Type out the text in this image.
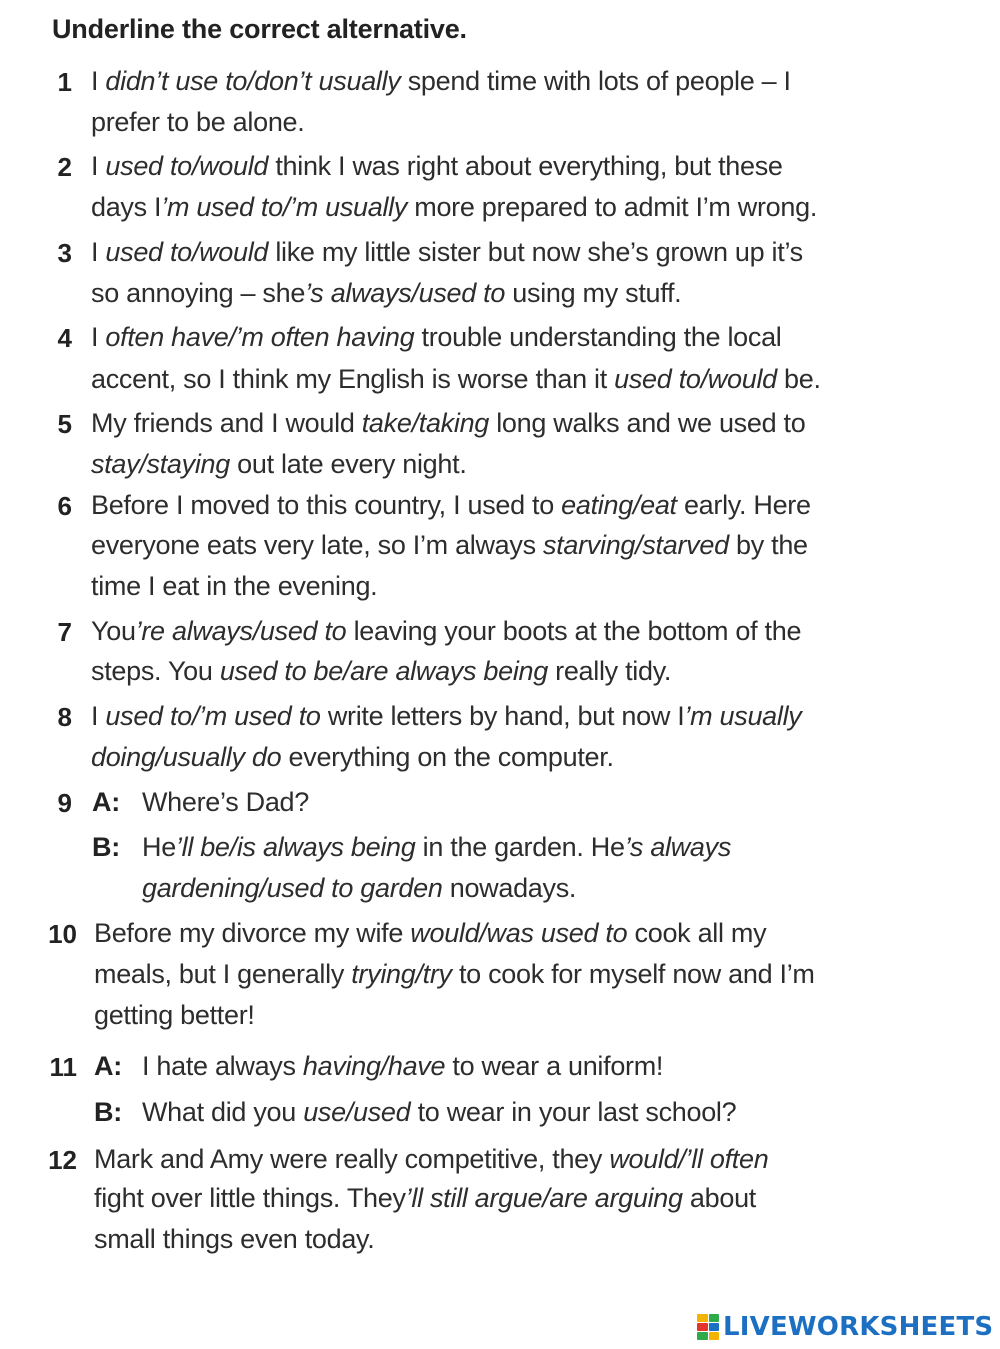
Underline the correct alternative.
1 I didn’t use to/don’t usually spend time with lots of people – I
prefer to be alone.
2 I used to/would think I was right about everything, but these
days I’m used to/’m usually more prepared to admit I’m wrong.
3 I used to/would like my little sister but now she’s grown up it’s
so annoying – she’s always/used to using my stuff.
4 I often have/’m often having trouble understanding the local
accent, so I think my English is worse than it used to/would be.
5 My friends and I would take/taking long walks and we used to
stay/staying out late every night.
6 Before I moved to this country, I used to eating/eat early. Here
everyone eats very late, so I’m always starving/starved by the
time I eat in the evening.
7 You’re always/used to leaving your boots at the bottom of the
steps. You used to be/are always being really tidy.
8 I used to/’m used to write letters by hand, but now I’m usually
doing/usually do everything on the computer.
9 A: Where’s Dad?
B: He’ll be/is always being in the garden. He’s always
gardening/used to garden nowadays.
10 Before my divorce my wife would/was used to cook all my
meals, but I generally trying/try to cook for myself now and I’m
getting better!
11 A: I hate always having/have to wear a uniform!
B: What did you use/used to wear in your last school?
12 Mark and Amy were really competitive, they would/’ll often
fight over little things. They’ll still argue/are arguing about
small things even today.
LIVEWORKSHEETS
